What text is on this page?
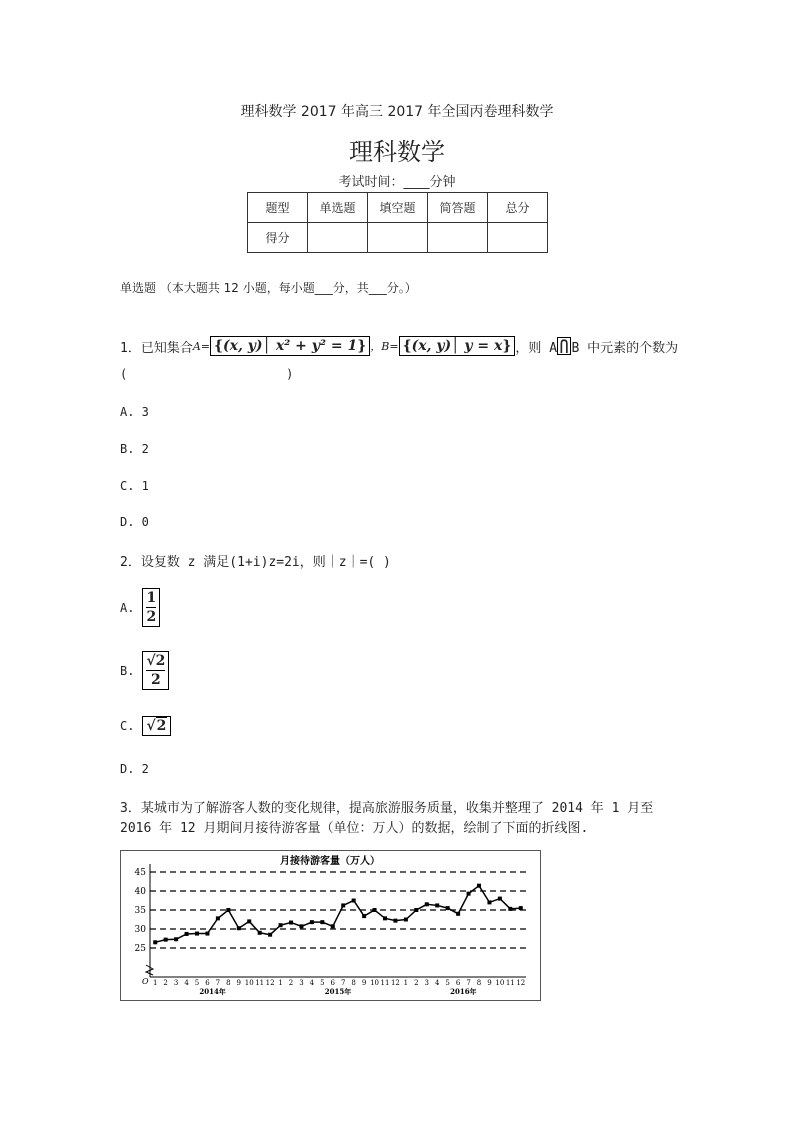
理科数学 2017 年高三 2017 年全国丙卷理科数学
理科数学
考试时间：____分钟
题型	单选题	填空题	简答题	总分
得分				
单选题 （本大题共 12 小题，每小题___分，共___分。）
1．已知集合 A= {(x, y)│ x² + y² = 1} ，B= {(x, y)│ y = x} ，则 A ⋂ B 中元素的个数为
(                      )
A. 3
B. 2
C. 1
D. 0
2．设复数 z 满足(1+i)z=2i，则｜z｜=( )
A. $\frac{1}{2}$
B. $\frac{√2}{2}$
C. √2
D. 2
3．某城市为了解游客人数的变化规律，提高旅游服务质量，收集并整理了 2014 年 1 月至
2016 年 12 月期间月接待游客量（单位：万人）的数据，绘制了下面的折线图.
月接待游客量（万人）
25
30
35
40
45
O 1 2 3 4 5 6 7 8 9 10 11 12 1 2 3 4 5 6 7 8 9 10 11 12 1 2 3 4 5 6 7 8 9 10 11 12
2014年	2015年	2016年
